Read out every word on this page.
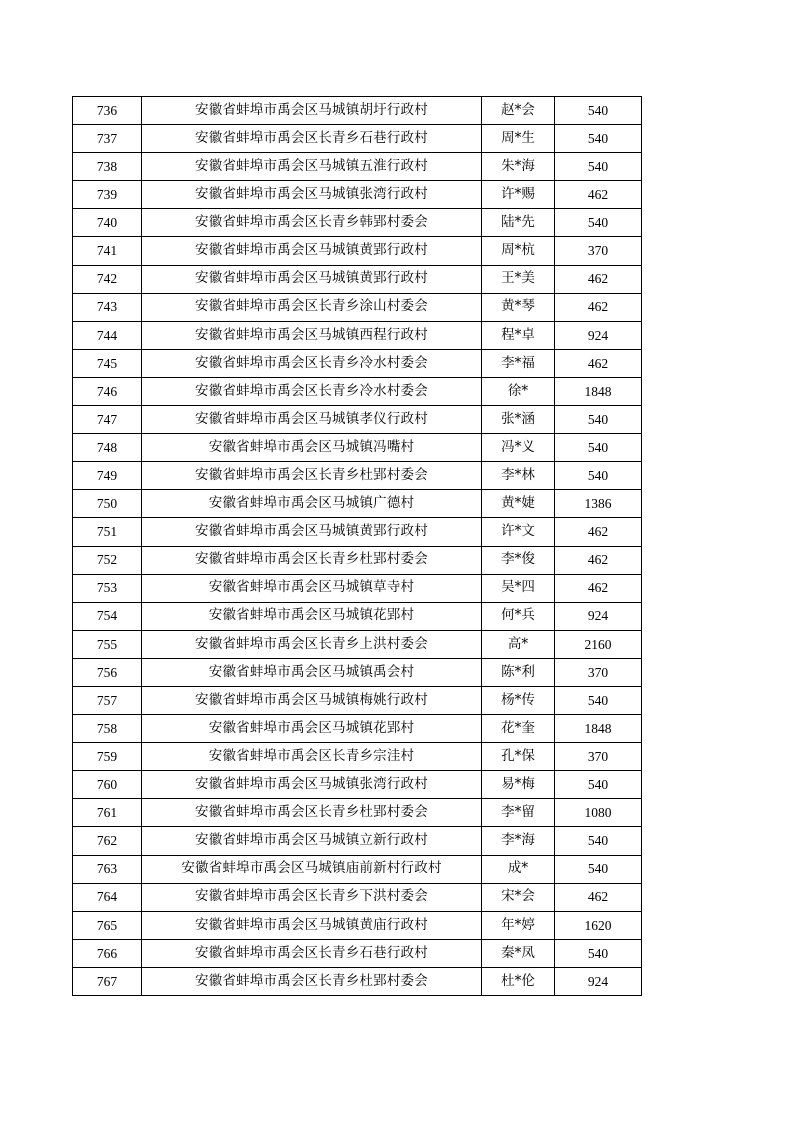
736	安徽省蚌埠市禹会区马城镇胡圩行政村	赵*会	540
737	安徽省蚌埠市禹会区长青乡石巷行政村	周*生	540
738	安徽省蚌埠市禹会区马城镇五淮行政村	朱*海	540
739	安徽省蚌埠市禹会区马城镇张湾行政村	许*赐	462
740	安徽省蚌埠市禹会区长青乡韩郢村委会	陆*先	540
741	安徽省蚌埠市禹会区马城镇黄郢行政村	周*杭	370
742	安徽省蚌埠市禹会区马城镇黄郢行政村	王*美	462
743	安徽省蚌埠市禹会区长青乡涂山村委会	黄*琴	462
744	安徽省蚌埠市禹会区马城镇西程行政村	程*卓	924
745	安徽省蚌埠市禹会区长青乡冷水村委会	李*福	462
746	安徽省蚌埠市禹会区长青乡冷水村委会	徐*	1848
747	安徽省蚌埠市禹会区马城镇孝仪行政村	张*涵	540
748	安徽省蚌埠市禹会区马城镇冯嘴村	冯*义	540
749	安徽省蚌埠市禹会区长青乡杜郢村委会	李*林	540
750	安徽省蚌埠市禹会区马城镇广德村	黄*婕	1386
751	安徽省蚌埠市禹会区马城镇黄郢行政村	许*文	462
752	安徽省蚌埠市禹会区长青乡杜郢村委会	李*俊	462
753	安徽省蚌埠市禹会区马城镇草寺村	吴*四	462
754	安徽省蚌埠市禹会区马城镇花郢村	何*兵	924
755	安徽省蚌埠市禹会区长青乡上洪村委会	高*	2160
756	安徽省蚌埠市禹会区马城镇禹会村	陈*利	370
757	安徽省蚌埠市禹会区马城镇梅姚行政村	杨*传	540
758	安徽省蚌埠市禹会区马城镇花郢村	花*奎	1848
759	安徽省蚌埠市禹会区长青乡宗洼村	孔*保	370
760	安徽省蚌埠市禹会区马城镇张湾行政村	易*梅	540
761	安徽省蚌埠市禹会区长青乡杜郢村委会	李*留	1080
762	安徽省蚌埠市禹会区马城镇立新行政村	李*海	540
763	安徽省蚌埠市禹会区马城镇庙前新村行政村	成*	540
764	安徽省蚌埠市禹会区长青乡下洪村委会	宋*会	462
765	安徽省蚌埠市禹会区马城镇黄庙行政村	年*婷	1620
766	安徽省蚌埠市禹会区长青乡石巷行政村	秦*凤	540
767	安徽省蚌埠市禹会区长青乡杜郢村委会	杜*伦	924
